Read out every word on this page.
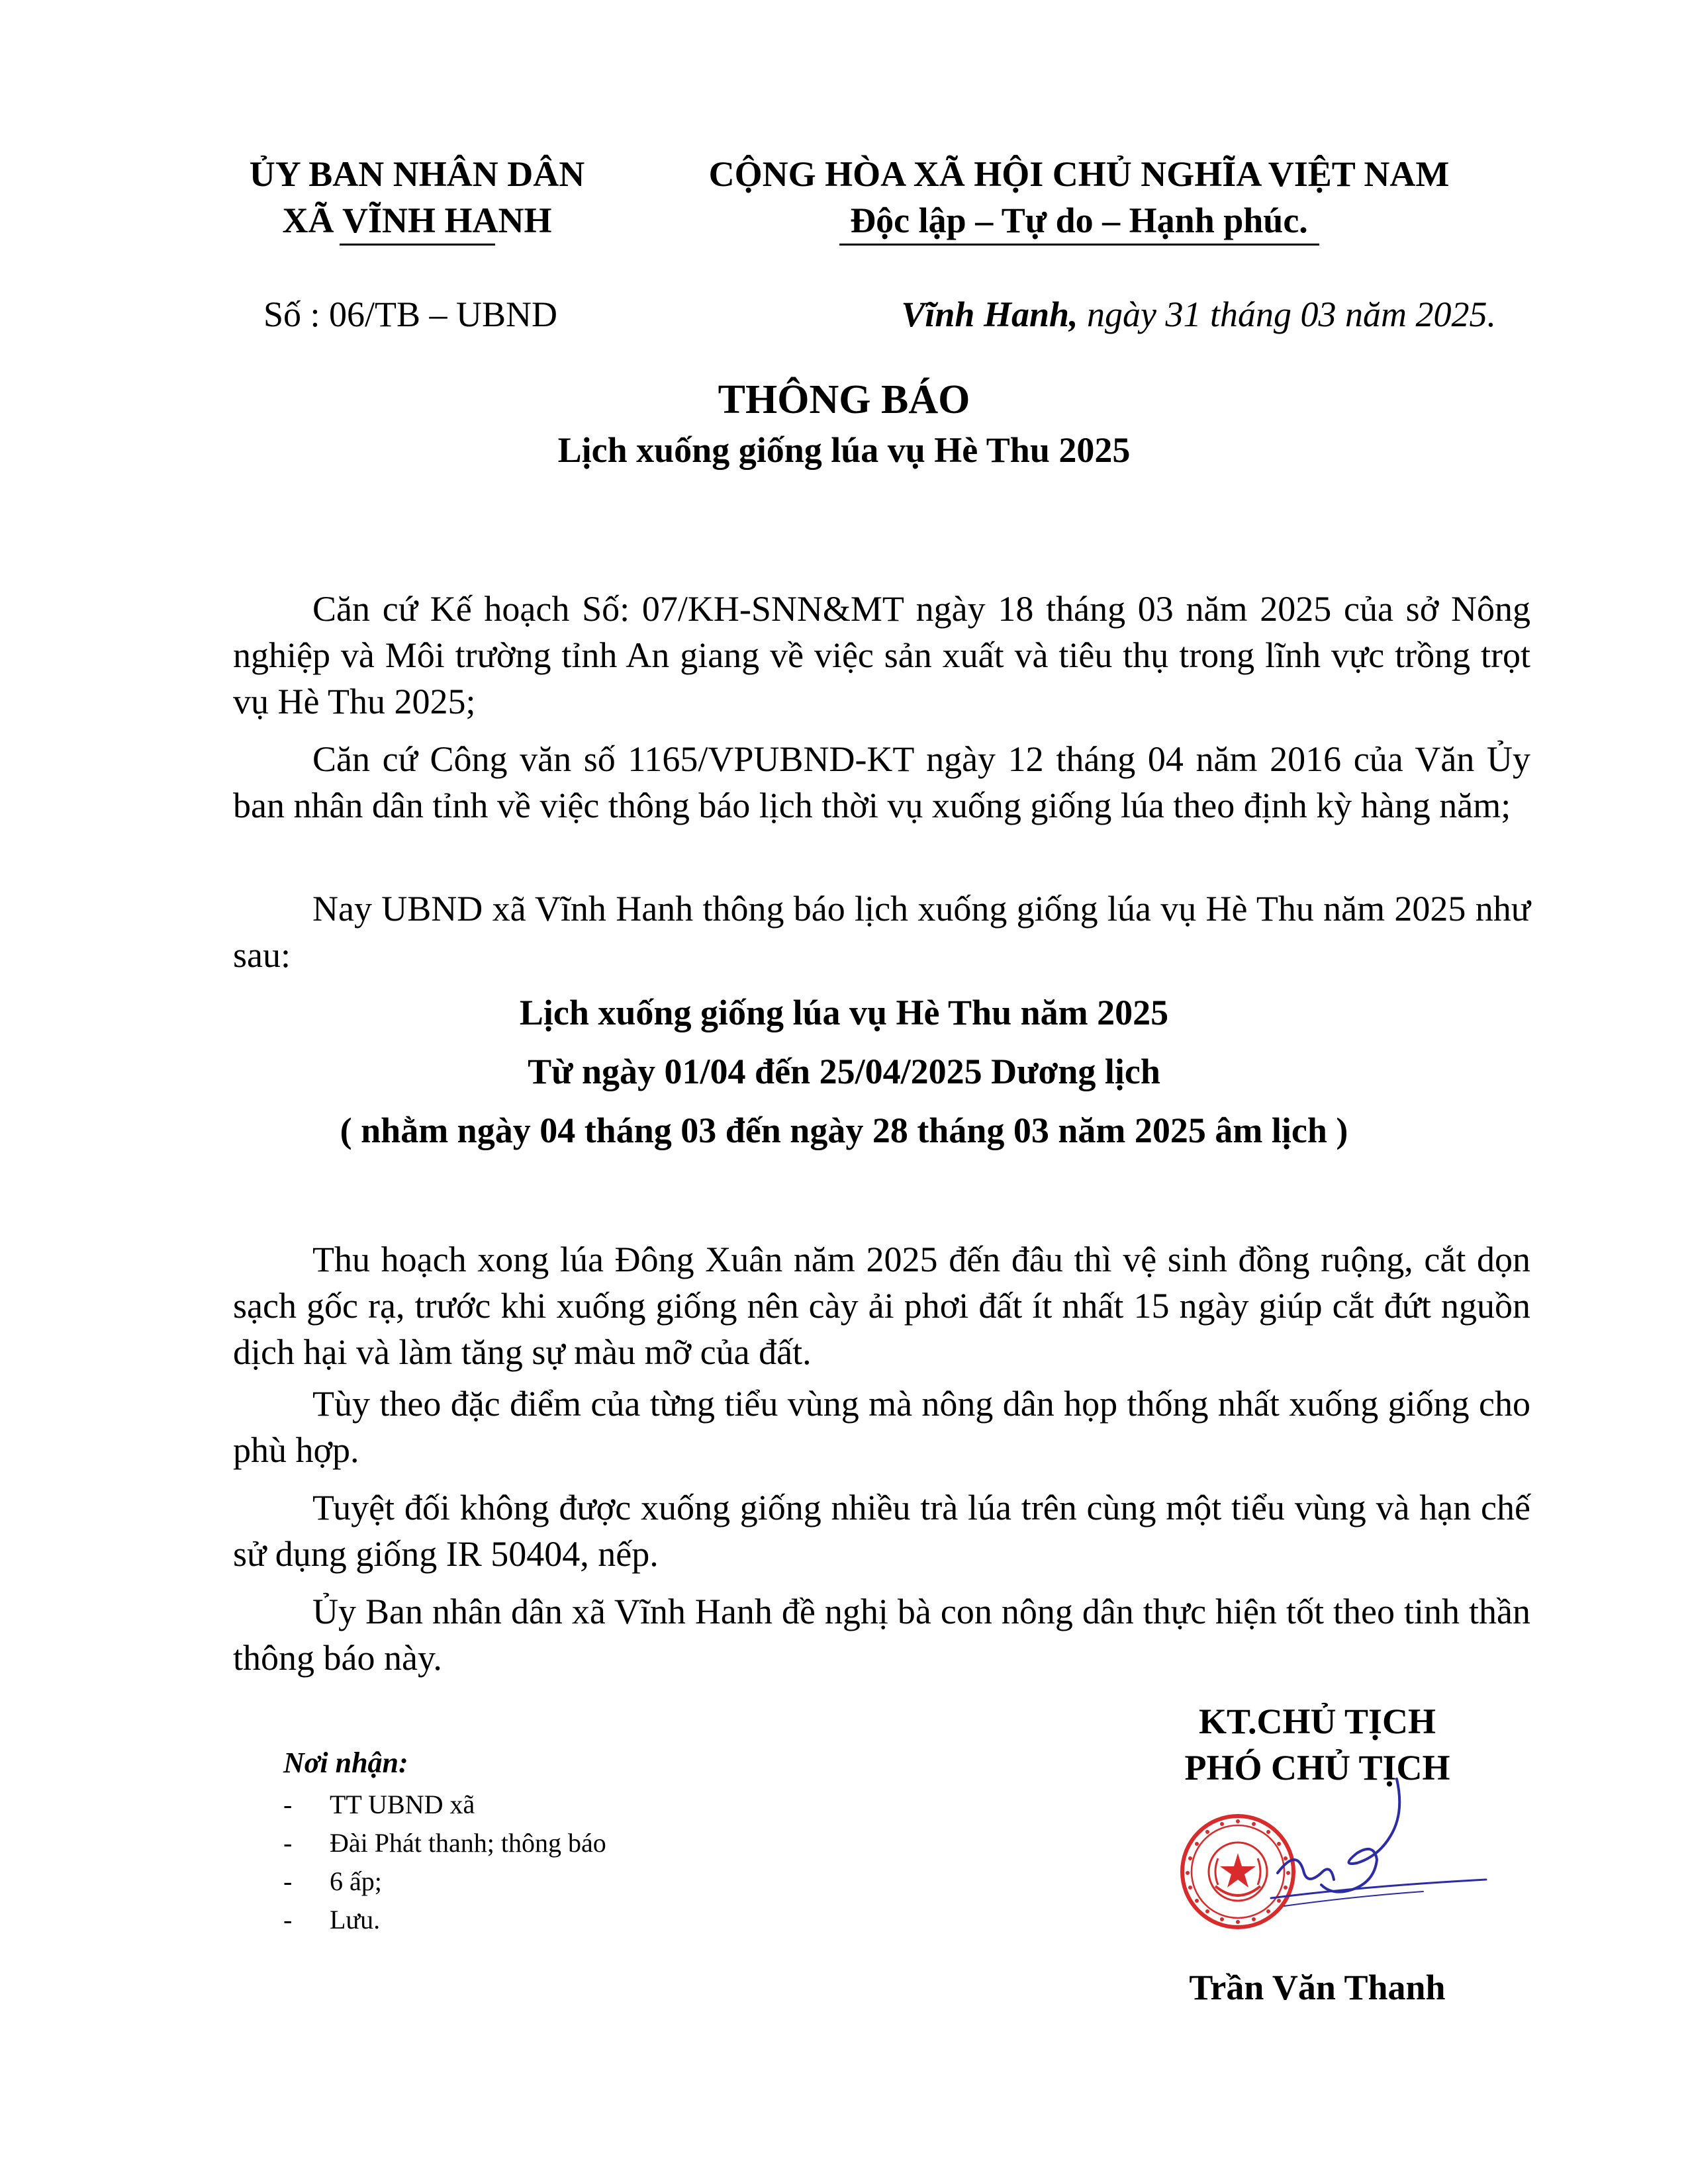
ỦY BAN NHÂN DÂN
XÃ VĨNH HANH
CỘNG HÒA XÃ HỘI CHỦ NGHĨA VIỆT NAM
Độc lập – Tự do – Hạnh phúc.
Số : 06/TB – UBND	Vĩnh Hanh, ngày 31 tháng 03 năm 2025.
THÔNG BÁO
Lịch xuống giống lúa vụ Hè Thu 2025
Căn cứ Kế hoạch Số: 07/KH-SNN&MT ngày 18 tháng 03 năm 2025 của sở Nông nghiệp và Môi trường tỉnh An giang về việc sản xuất và tiêu thụ trong lĩnh vực trồng trọt vụ Hè Thu 2025;
Căn cứ Công văn số 1165/VPUBND-KT ngày 12 tháng 04 năm 2016 của Văn Ủy ban nhân dân tỉnh về việc thông báo lịch thời vụ xuống giống lúa theo định kỳ hàng năm;
Nay UBND xã Vĩnh Hanh thông báo lịch xuống giống lúa vụ Hè Thu năm 2025 như sau:
Lịch xuống giống lúa vụ Hè Thu năm 2025
Từ ngày 01/04 đến 25/04/2025 Dương lịch
( nhằm ngày 04 tháng 03 đến ngày 28 tháng 03 năm 2025 âm lịch )
Thu hoạch xong lúa Đông Xuân năm 2025 đến đâu thì vệ sinh đồng ruộng, cắt dọn sạch gốc rạ, trước khi xuống giống nên cày ải phơi đất ít nhất 15 ngày giúp cắt đứt nguồn dịch hại và làm tăng sự màu mỡ của đất.
Tùy theo đặc điểm của từng tiểu vùng mà nông dân họp thống nhất xuống giống cho phù hợp.
Tuyệt đối không được xuống giống nhiều trà lúa trên cùng một tiểu vùng và hạn chế sử dụng giống IR 50404, nếp.
Ủy Ban nhân dân xã Vĩnh Hanh đề nghị bà con nông dân thực hiện tốt theo tinh thần thông báo này.
KT.CHỦ TỊCH
PHÓ CHỦ TỊCH
Trần Văn Thanh
Nơi nhận:
-	TT UBND xã
-	Đài Phát thanh; thông báo
-	6 ấp;
-	Lưu.
